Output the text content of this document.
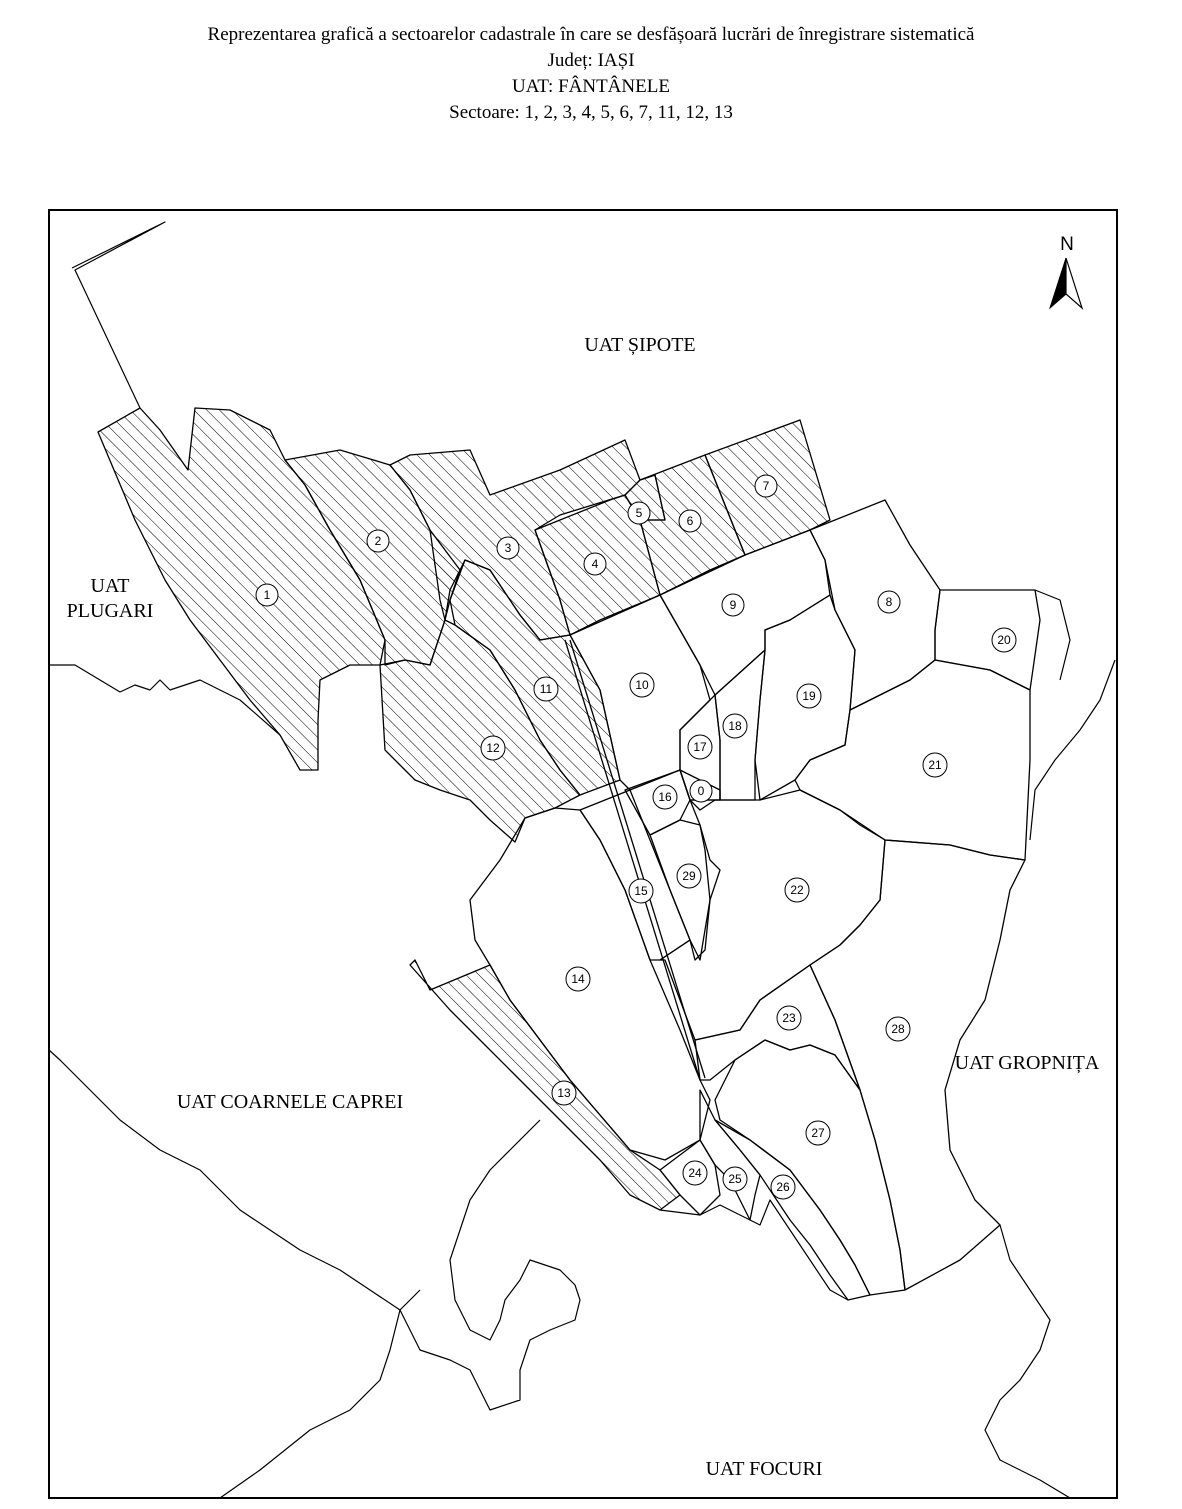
Reprezentarea grafică a sectoarelor cadastrale în care se desfășoară lucrări de înregistrare sistematică
Județ: IAȘI
UAT: FÂNTÂNELE
Sectoare: 1, 2, 3, 4, 5, 6, 7, 11, 12, 13
N
UAT ȘIPOTE
UAT
PLUGARI
UAT COARNELE CAPREI
UAT GROPNIȚA
UAT FOCURI
1
2	3
4
5
6
7
8
9
10
11
12
13
14
15
16
17
18
19
20
21
22
23
24 25
26
27
28
29
0
